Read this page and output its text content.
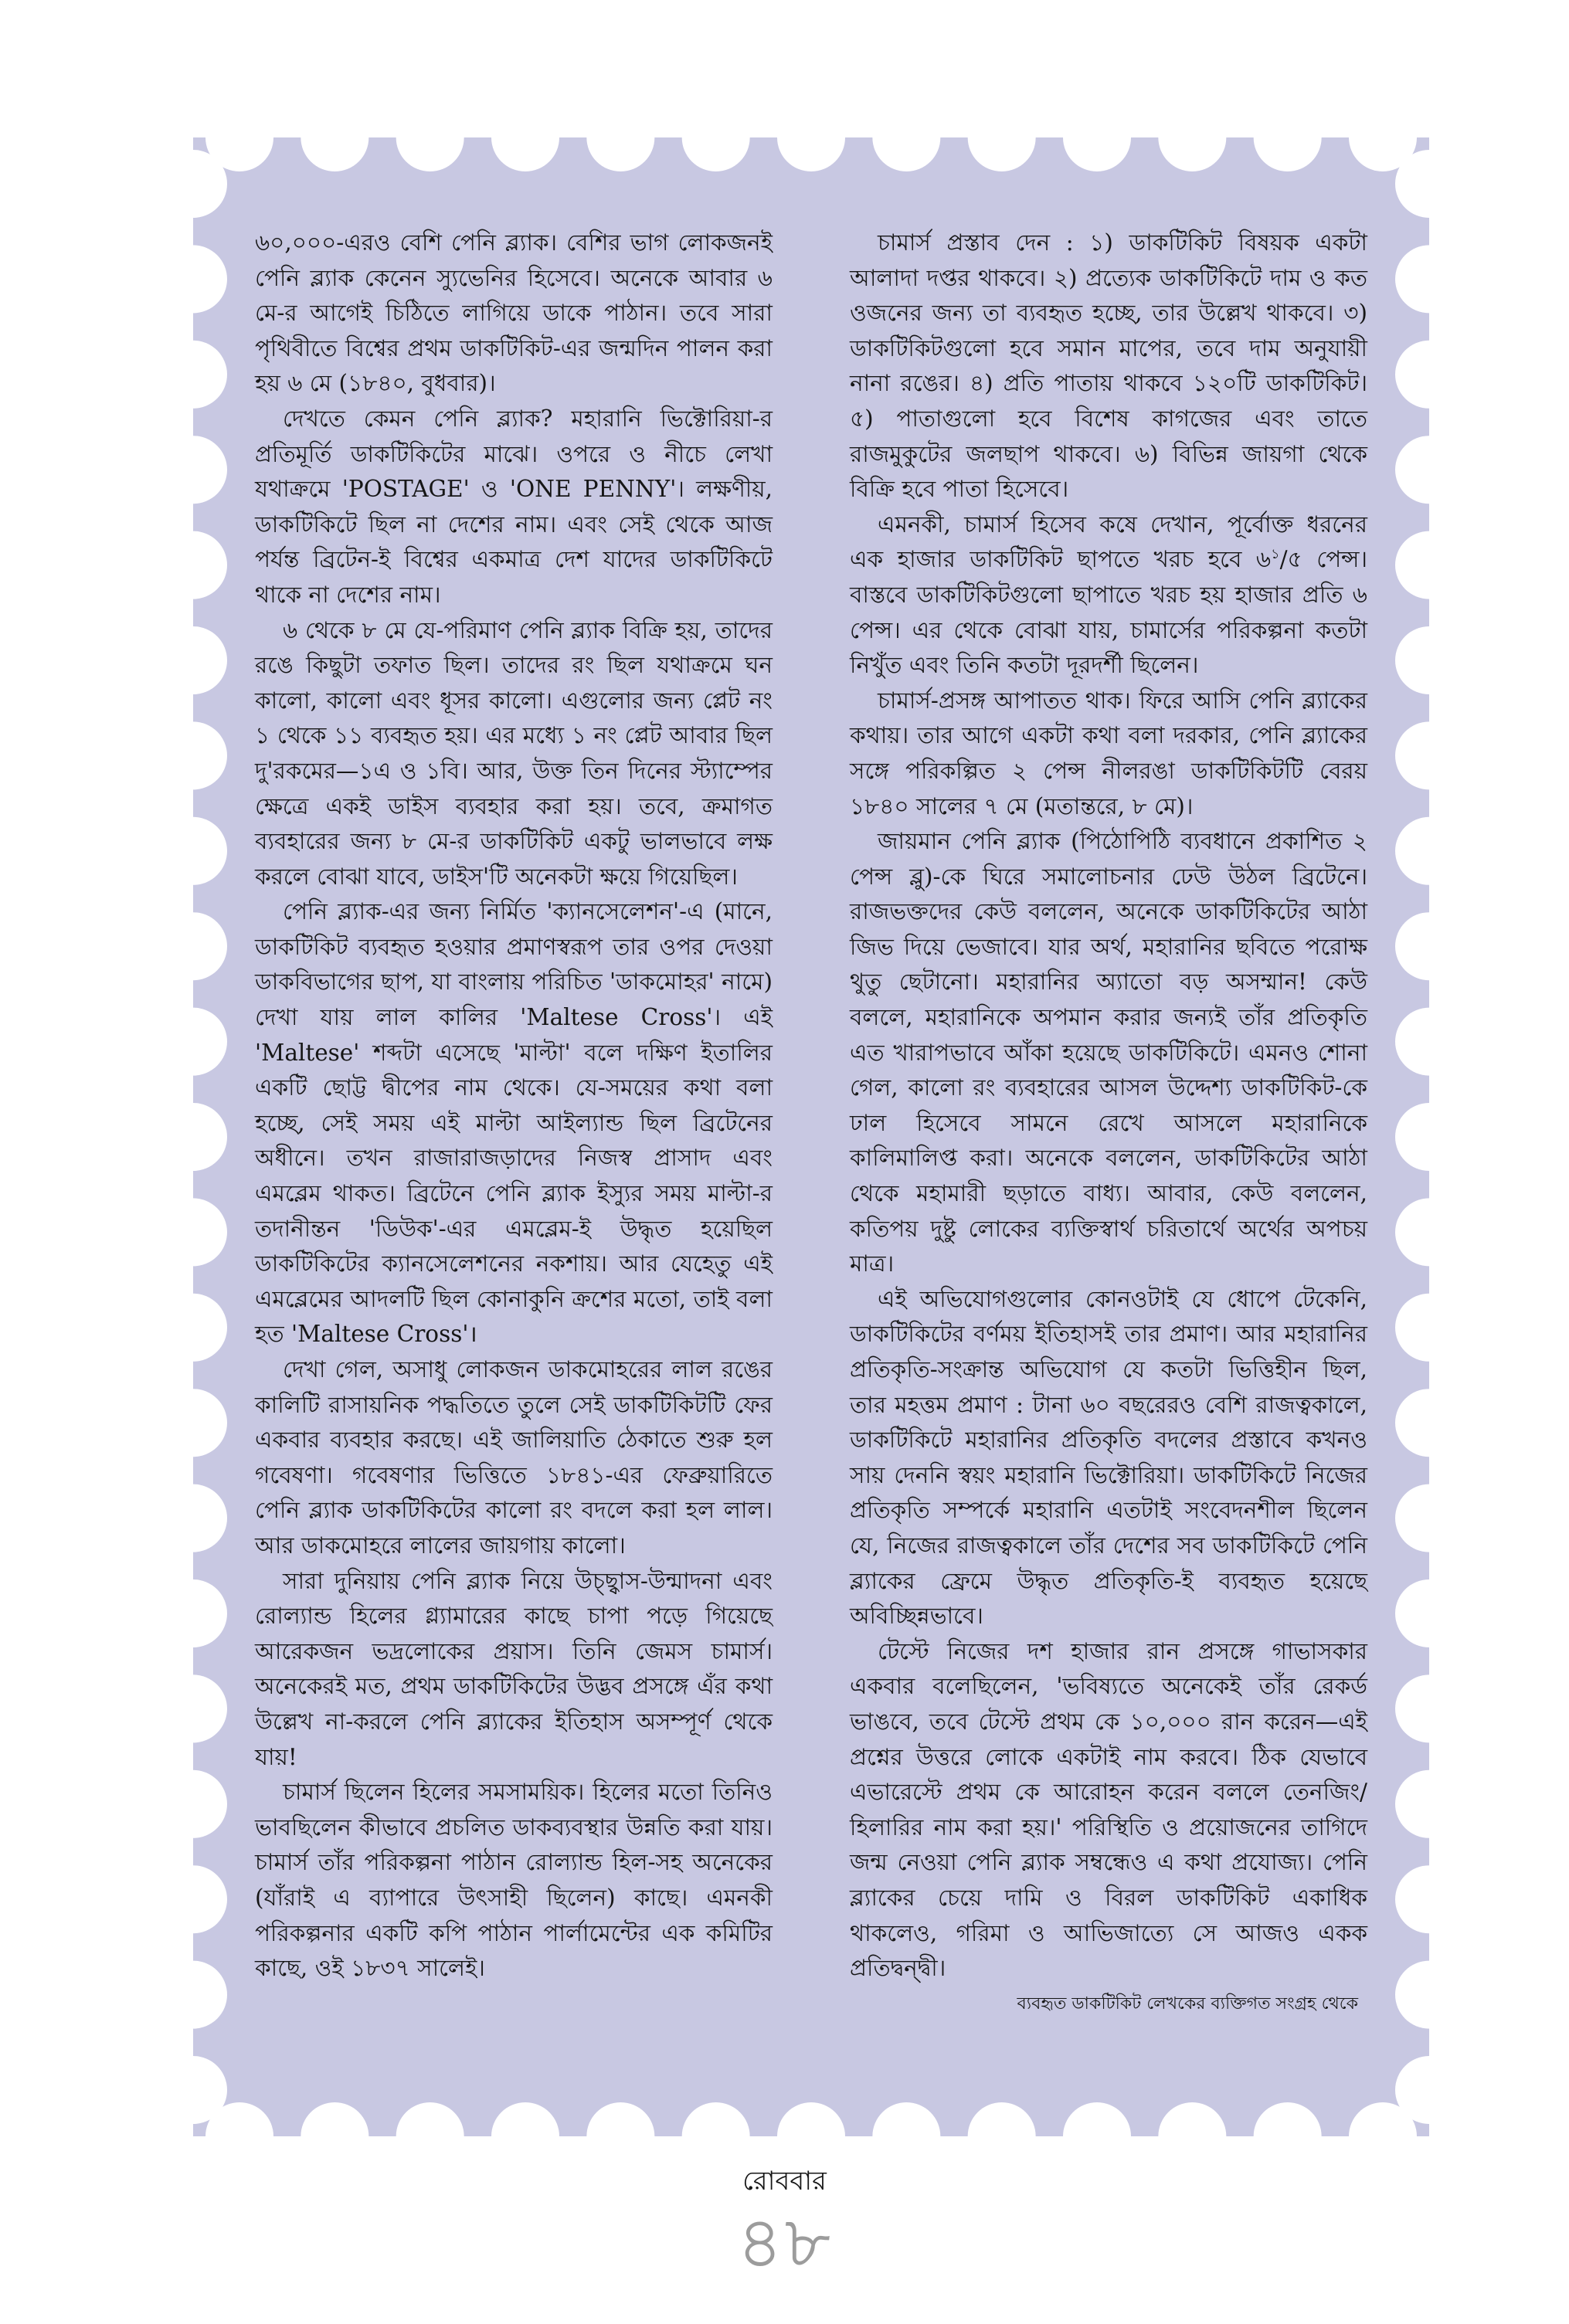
৬০,০০০-এরও বেশি পেনি ব্ল্যাক। বেশির ভাগ লোকজনই পেনি ব্ল্যাক কেনেন স্যুভেনির হিসেবে। অনেকে আবার ৬ মে-র আগেই চিঠিতে লাগিয়ে ডাকে পাঠান। তবে সারা পৃথিবীতে বিশ্বের প্রথম ডাকটিকিট-এর জন্মদিন পালন করা হয় ৬ মে (১৮৪০, বুধবার)।

দেখতে কেমন পেনি ব্ল্যাক? মহারানি ভিক্টোরিয়া-র প্রতিমূর্তি ডাকটিকিটের মাঝে। ওপরে ও নীচে লেখা যথাক্রমে 'POSTAGE' ও 'ONE PENNY'। লক্ষণীয়, ডাকটিকিটে ছিল না দেশের নাম। এবং সেই থেকে আজ পর্যন্ত ব্রিটেন-ই বিশ্বের একমাত্র দেশ যাদের ডাকটিকিটে থাকে না দেশের নাম।

৬ থেকে ৮ মে যে-পরিমাণ পেনি ব্ল্যাক বিক্রি হয়, তাদের রঙে কিছুটা তফাত ছিল। তাদের রং ছিল যথাক্রমে ঘন কালো, কালো এবং ধূসর কালো। এগুলোর জন্য প্লেট নং ১ থেকে ১১ ব্যবহৃত হয়। এর মধ্যে ১ নং প্লেট আবার ছিল দু'রকমের—১এ ও ১বি। আর, উক্ত তিন দিনের স্ট্যাম্পের ক্ষেত্রে একই ডাইস ব্যবহার করা হয়। তবে, ক্রমাগত ব্যবহারের জন্য ৮ মে-র ডাকটিকিট একটু ভালভাবে লক্ষ করলে বোঝা যাবে, ডাইস'টি অনেকটা ক্ষয়ে গিয়েছিল।

পেনি ব্ল্যাক-এর জন্য নির্মিত 'ক্যানসেলেশন'-এ (মানে, ডাকটিকিট ব্যবহৃত হওয়ার প্রমাণস্বরূপ তার ওপর দেওয়া ডাকবিভাগের ছাপ, যা বাংলায় পরিচিত 'ডাকমোহর' নামে) দেখা যায় লাল কালির 'Maltese Cross'। এই 'Maltese' শব্দটা এসেছে 'মাল্টা' বলে দক্ষিণ ইতালির একটি ছোট্ট দ্বীপের নাম থেকে। যে-সময়ের কথা বলা হচ্ছে, সেই সময় এই মাল্টা আইল্যান্ড ছিল ব্রিটেনের অধীনে। তখন রাজারাজড়াদের নিজস্ব প্রাসাদ এবং এমব্লেম থাকত। ব্রিটেনে পেনি ব্ল্যাক ইস্যুর সময় মাল্টা-র তদানীন্তন 'ডিউক'-এর এমব্লেম-ই উদ্ধৃত হয়েছিল ডাকটিকিটের ক্যানসেলেশনের নকশায়। আর যেহেতু এই এমব্লেমের আদলটি ছিল কোনাকুনি ক্রশের মতো, তাই বলা হত 'Maltese Cross'।

দেখা গেল, অসাধু লোকজন ডাকমোহরের লাল রঙের কালিটি রাসায়নিক পদ্ধতিতে তুলে সেই ডাকটিকিটটি ফের একবার ব্যবহার করছে। এই জালিয়াতি ঠেকাতে শুরু হল গবেষণা। গবেষণার ভিত্তিতে ১৮৪১-এর ফেব্রুয়ারিতে পেনি ব্ল্যাক ডাকটিকিটের কালো রং বদলে করা হল লাল। আর ডাকমোহরে লালের জায়গায় কালো।

সারা দুনিয়ায় পেনি ব্ল্যাক নিয়ে উচ্ছ্বাস-উন্মাদনা এবং রোল্যান্ড হিলের গ্ল্যামারের কাছে চাপা পড়ে গিয়েছে আরেকজন ভদ্রলোকের প্রয়াস। তিনি জেমস চামার্স। অনেকেরই মত, প্রথম ডাকটিকিটের উদ্ভব প্রসঙ্গে এঁর কথা উল্লেখ না-করলে পেনি ব্ল্যাকের ইতিহাস অসম্পূর্ণ থেকে যায়!

চামার্স ছিলেন হিলের সমসাময়িক। হিলের মতো তিনিও ভাবছিলেন কীভাবে প্রচলিত ডাকব্যবস্থার উন্নতি করা যায়। চামার্স তাঁর পরিকল্পনা পাঠান রোল্যান্ড হিল-সহ অনেকের (যাঁরাই এ ব্যাপারে উৎসাহী ছিলেন) কাছে। এমনকী পরিকল্পনার একটি কপি পাঠান পার্লামেন্টের এক কমিটির কাছে, ওই ১৮৩৭ সালেই।

চামার্স প্রস্তাব দেন : ১) ডাকটিকিট বিষয়ক একটা আলাদা দপ্তর থাকবে। ২) প্রত্যেক ডাকটিকিটে দাম ও কত ওজনের জন্য তা ব্যবহৃত হচ্ছে, তার উল্লেখ থাকবে। ৩) ডাকটিকিটগুলো হবে সমান মাপের, তবে দাম অনুযায়ী নানা রঙের। ৪) প্রতি পাতায় থাকবে ১২০টি ডাকটিকিট। ৫) পাতাগুলো হবে বিশেষ কাগজের এবং তাতে রাজমুকুটের জলছাপ থাকবে। ৬) বিভিন্ন জায়গা থেকে বিক্রি হবে পাতা হিসেবে।

এমনকী, চামার্স হিসেব কষে দেখান, পূর্বোক্ত ধরনের এক হাজার ডাকটিকিট ছাপতে খরচ হবে $৬^১/৫$ পেন্স। বাস্তবে ডাকটিকিটগুলো ছাপাতে খরচ হয় হাজার প্রতি ৬ পেন্স। এর থেকে বোঝা যায়, চামার্সের পরিকল্পনা কতটা নিখুঁত এবং তিনি কতটা দূরদর্শী ছিলেন।

চামার্স-প্রসঙ্গ আপাতত থাক। ফিরে আসি পেনি ব্ল্যাকের কথায়। তার আগে একটা কথা বলা দরকার, পেনি ব্ল্যাকের সঙ্গে পরিকল্পিত ২ পেন্স নীলরঙা ডাকটিকিটটি বেরয় ১৮৪০ সালের ৭ মে (মতান্তরে, ৮ মে)।

জায়মান পেনি ব্ল্যাক (পিঠোপিঠি ব্যবধানে প্রকাশিত ২ পেন্স ব্লু)-কে ঘিরে সমালোচনার ঢেউ উঠল ব্রিটেনে। রাজভক্তদের কেউ বললেন, অনেকে ডাকটিকিটের আঠা জিভ দিয়ে ভেজাবে। যার অর্থ, মহারানির ছবিতে পরোক্ষ থুতু ছেটানো। মহারানির অ্যাতো বড় অসম্মান! কেউ বললে, মহারানিকে অপমান করার জন্যই তাঁর প্রতিকৃতি এত খারাপভাবে আঁকা হয়েছে ডাকটিকিটে। এমনও শোনা গেল, কালো রং ব্যবহারের আসল উদ্দেশ্য ডাকটিকিট-কে ঢাল হিসেবে সামনে রেখে আসলে মহারানিকে কালিমালিপ্ত করা। অনেকে বললেন, ডাকটিকিটের আঠা থেকে মহামারী ছড়াতে বাধ্য। আবার, কেউ বললেন, কতিপয় দুষ্টু লোকের ব্যক্তিস্বার্থ চরিতার্থে অর্থের অপচয় মাত্র।

এই অভিযোগগুলোর কোনওটাই যে ধোপে টেকেনি, ডাকটিকিটের বর্ণময় ইতিহাসই তার প্রমাণ। আর মহারানির প্রতিকৃতি-সংক্রান্ত অভিযোগ যে কতটা ভিত্তিহীন ছিল, তার মহত্তম প্রমাণ : টানা ৬০ বছরেরও বেশি রাজত্বকালে, ডাকটিকিটে মহারানির প্রতিকৃতি বদলের প্রস্তাবে কখনও সায় দেননি স্বয়ং মহারানি ভিক্টোরিয়া। ডাকটিকিটে নিজের প্রতিকৃতি সম্পর্কে মহারানি এতটাই সংবেদনশীল ছিলেন যে, নিজের রাজত্বকালে তাঁর দেশের সব ডাকটিকিটে পেনি ব্ল্যাকের ফ্রেমে উদ্ধৃত প্রতিকৃতি-ই ব্যবহৃত হয়েছে অবিচ্ছিন্নভাবে।

টেস্টে নিজের দশ হাজার রান প্রসঙ্গে গাভাসকার একবার বলেছিলেন, 'ভবিষ্যতে অনেকেই তাঁর রেকর্ড ভাঙবে, তবে টেস্টে প্রথম কে ১০,০০০ রান করেন—এই প্রশ্নের উত্তরে লোকে একটাই নাম করবে। ঠিক যেভাবে এভারেস্টে প্রথম কে আরোহন করেন বললে তেনজিং/হিলারির নাম করা হয়।' পরিস্থিতি ও প্রয়োজনের তাগিদে জন্ম নেওয়া পেনি ব্ল্যাক সম্বন্ধেও এ কথা প্রযোজ্য। পেনি ব্ল্যাকের চেয়ে দামি ও বিরল ডাকটিকিট একাধিক থাকলেও, গরিমা ও আভিজাত্যে সে আজও একক প্রতিদ্বন্দ্বী।

ব্যবহৃত ডাকটিকিট লেখকের ব্যক্তিগত সংগ্রহ থেকে

রোববার
৪৮
